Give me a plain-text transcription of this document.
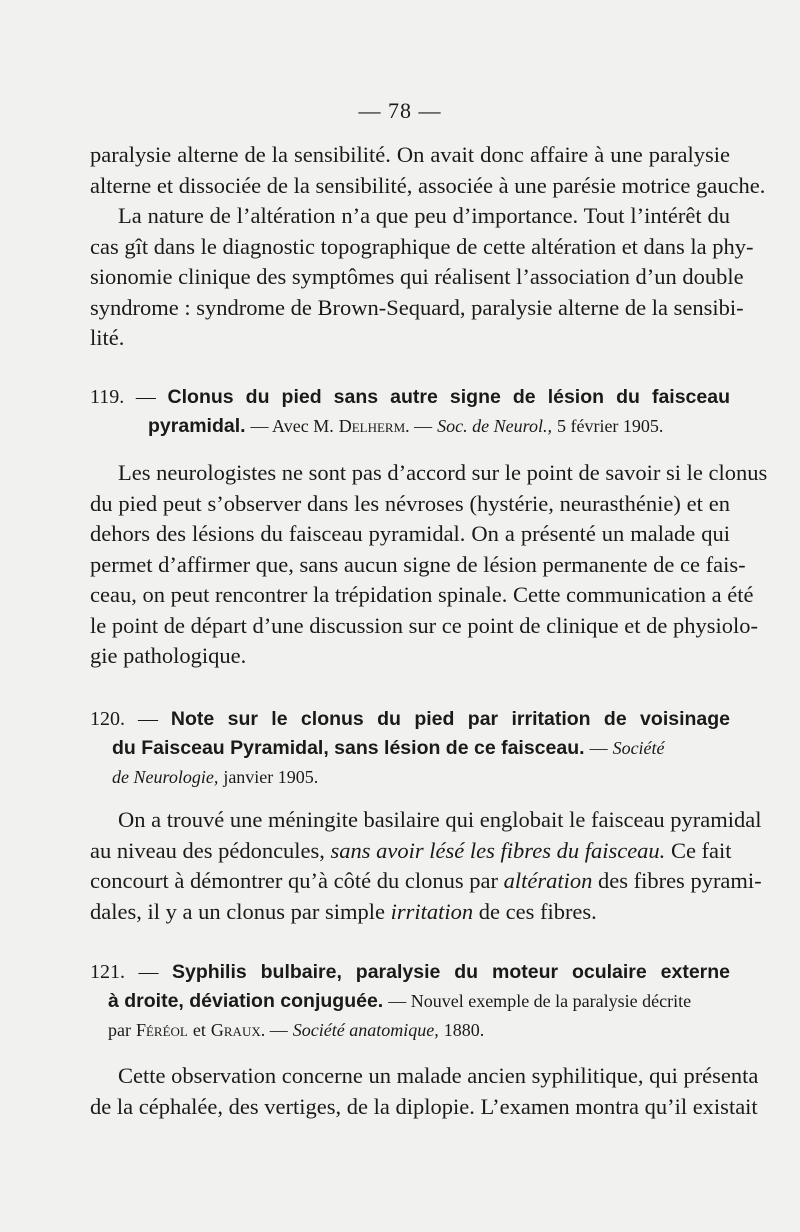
— 78 —

paralysie alterne de la sensibilité. On avait donc affaire à une paralysie
alterne et dissociée de la sensibilité, associée à une parésie motrice gauche.

La nature de l’altération n’a que peu d’importance. Tout l’intérêt du
cas gît dans le diagnostic topographique de cette altération et dans la phy-
sionomie clinique des symptômes qui réalisent l’association d’un double
syndrome : syndrome de Brown-Sequard, paralysie alterne de la sensibi-
lité.

119. — Clonus du pied sans autre signe de lésion du faisceau
pyramidal. — Avec M. Delherm. — Soc. de Neurol., 5 février 1905.

Les neurologistes ne sont pas d’accord sur le point de savoir si le clonus
du pied peut s’observer dans les névroses (hystérie, neurasthénie) et en
dehors des lésions du faisceau pyramidal. On a présenté un malade qui
permet d’affirmer que, sans aucun signe de lésion permanente de ce fais-
ceau, on peut rencontrer la trépidation spinale. Cette communication a été
le point de départ d’une discussion sur ce point de clinique et de physiolo-
gie pathologique.

120. — Note sur le clonus du pied par irritation de voisinage
du Faisceau Pyramidal, sans lésion de ce faisceau. — Société
de Neurologie, janvier 1905.

On a trouvé une méningite basilaire qui englobait le faisceau pyramidal
au niveau des pédoncules, sans avoir lésé les fibres du faisceau. Ce fait
concourt à démontrer qu’à côté du clonus par altération des fibres pyrami-
dales, il y a un clonus par simple irritation de ces fibres.

121. — Syphilis bulbaire, paralysie du moteur oculaire externe
à droite, déviation conjuguée. — Nouvel exemple de la paralysie décrite
par Féréol et Graux. — Société anatomique, 1880.

Cette observation concerne un malade ancien syphilitique, qui présenta
de la céphalée, des vertiges, de la diplopie. L’examen montra qu’il existait
